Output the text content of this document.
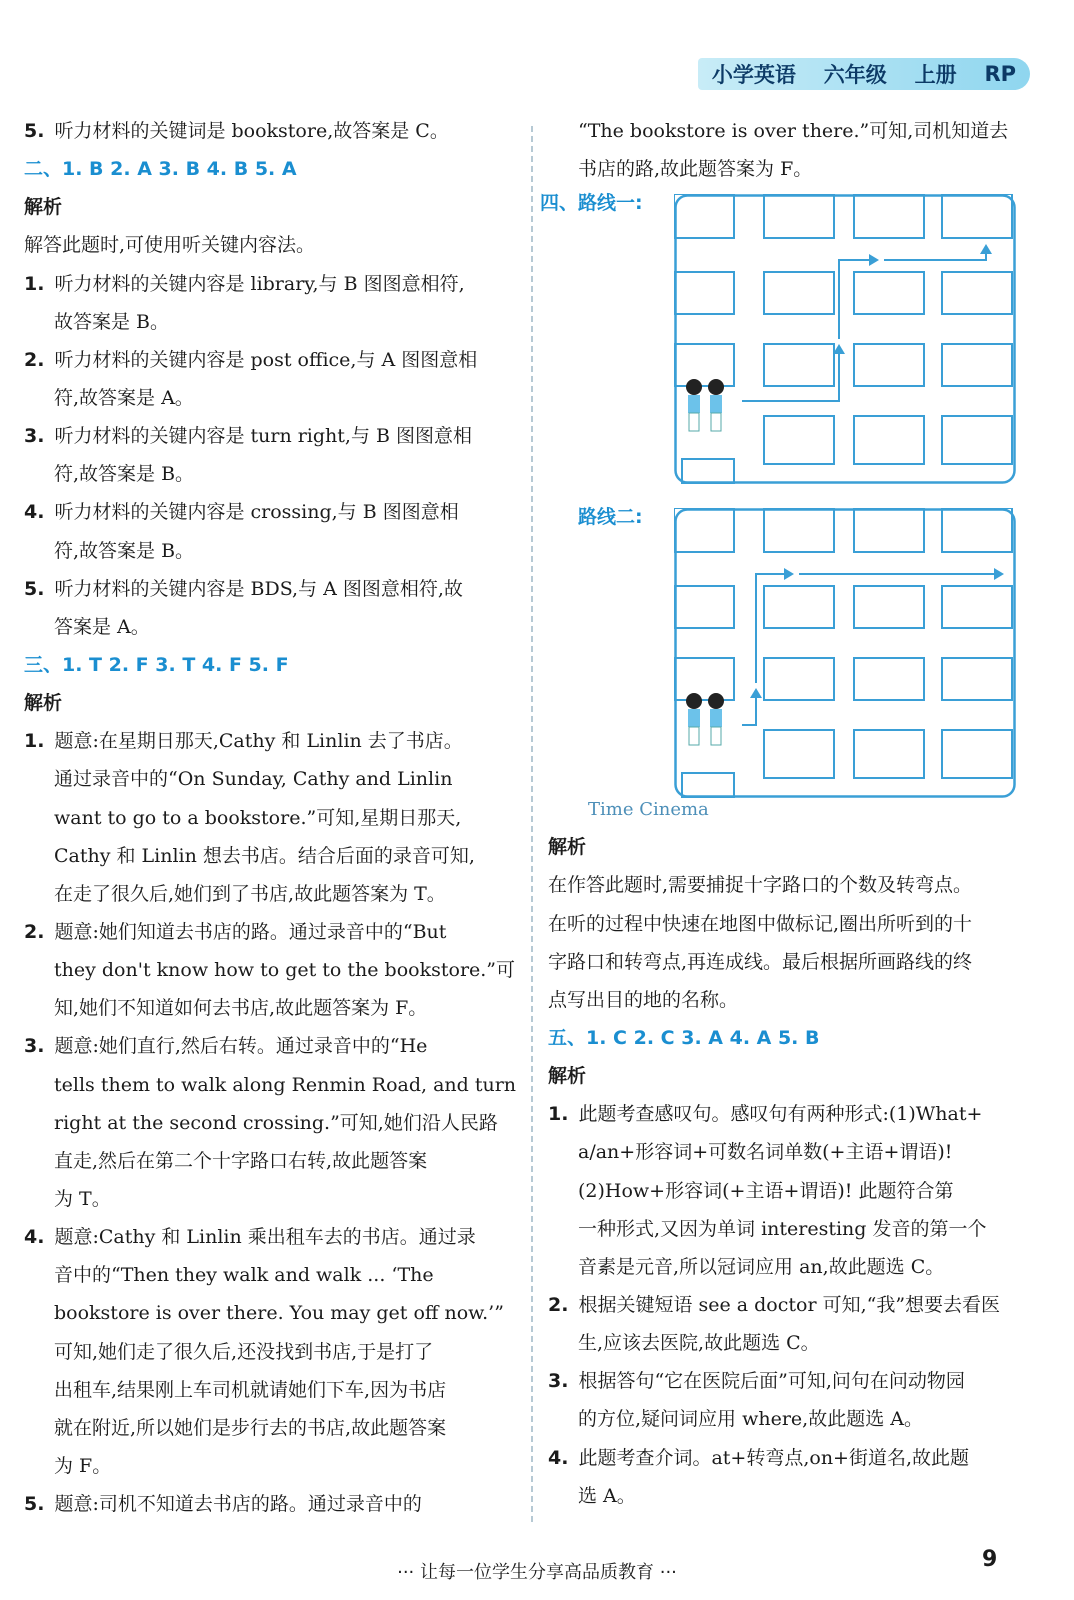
小学英语 六年级 上册 RP
5. 听力材料的关键词是 bookstore,故答案是 C。
二、1. B 2. A 3. B 4. B 5. A
解析
解答此题时,可使用听关键内容法。
1. 听力材料的关键内容是 library,与 B 图图意相符,
故答案是 B。
2. 听力材料的关键内容是 post office,与 A 图图意相
符,故答案是 A。
3. 听力材料的关键内容是 turn right,与 B 图图意相
符,故答案是 B。
4. 听力材料的关键内容是 crossing,与 B 图图意相
符,故答案是 B。
5. 听力材料的关键内容是 BDS,与 A 图图意相符,故
答案是 A。
三、1. T 2. F 3. T 4. F 5. F
解析
1. 题意:在星期日那天,Cathy 和 Linlin 去了书店。
通过录音中的“On Sunday, Cathy and Linlin
want to go to a bookstore.”可知,星期日那天,
Cathy 和 Linlin 想去书店。结合后面的录音可知,
在走了很久后,她们到了书店,故此题答案为 T。
2. 题意:她们知道去书店的路。通过录音中的“But
they don't know how to get to the bookstore.”可
知,她们不知道如何去书店,故此题答案为 F。
3. 题意:她们直行,然后右转。通过录音中的“He
tells them to walk along Renmin Road, and turn
right at the second crossing.”可知,她们沿人民路
直走,然后在第二个十字路口右转,故此题答案
为 T。
4. 题意:Cathy 和 Linlin 乘出租车去的书店。通过录
音中的“Then they walk and walk ... ‘The
bookstore is over there. You may get off now.’”
可知,她们走了很久后,还没找到书店,于是打了
出租车,结果刚上车司机就请她们下车,因为书店
就在附近,所以她们是步行去的书店,故此题答案
为 F。
5. 题意:司机不知道去书店的路。通过录音中的
“The bookstore is over there.”可知,司机知道去
书店的路,故此题答案为 F。
四、路线一:
路线二:
Time Cinema
解析
在作答此题时,需要捕捉十字路口的个数及转弯点。
在听的过程中快速在地图中做标记,圈出所听到的十
字路口和转弯点,再连成线。最后根据所画路线的终
点写出目的地的名称。
五、1. C 2. C 3. A 4. A 5. B
解析
1. 此题考查感叹句。感叹句有两种形式:(1)What+
a/an+形容词+可数名词单数(+主语+谓语)!
(2)How+形容词(+主语+谓语)! 此题符合第
一种形式,又因为单词 interesting 发音的第一个
音素是元音,所以冠词应用 an,故此题选 C。
2. 根据关键短语 see a doctor 可知,“我”想要去看医
生,应该去医院,故此题选 C。
3. 根据答句“它在医院后面”可知,问句在问动物园
的方位,疑问词应用 where,故此题选 A。
4. 此题考查介词。at+转弯点,on+街道名,故此题
选 A。
··· 让每一位学生分享高品质教育 ···
9
